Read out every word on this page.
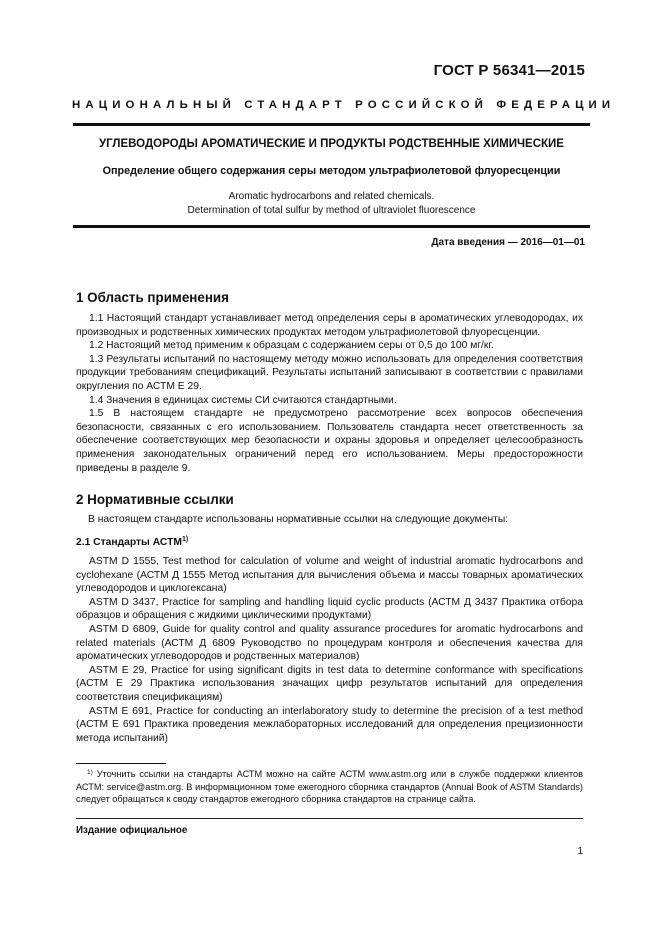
ГОСТ Р 56341—2015
НАЦИОНАЛЬНЫЙ СТАНДАРТ РОССИЙСКОЙ ФЕДЕРАЦИИ
УГЛЕВОДОРОДЫ АРОМАТИЧЕСКИЕ И ПРОДУКТЫ РОДСТВЕННЫЕ ХИМИЧЕСКИЕ
Определение общего содержания серы методом ультрафиолетовой флуоресценции
Aromatic hydrocarbons and related chemicals.
Determination of total sulfur by method of ultraviolet fluorescence
Дата введения — 2016—01—01
1 Область применения

1.1 Настоящий стандарт устанавливает метод определения серы в ароматических углеводородах, их производных и родственных химических продуктах методом ультрафиолетовой флуоресценции.

1.2 Настоящий метод применим к образцам с содержанием серы от 0,5 до 100 мг/кг.

1.3 Результаты испытаний по настоящему методу можно использовать для определения соответствия продукции требованиям спецификаций. Результаты испытаний записывают в соответствии с правилами округления по АСТМ Е 29.

1.4 Значения в единицах системы СИ считаются стандартными.

1.5 В настоящем стандарте не предусмотрено рассмотрение всех вопросов обеспечения безопасности, связанных с его использованием. Пользователь стандарта несет ответственность за обеспечение соответствующих мер безопасности и охраны здоровья и определяет целесообразность применения законодательных ограничений перед его использованием. Меры предосторожности приведены в разделе 9.

2 Нормативные ссылки
В настоящем стандарте использованы нормативные ссылки на следующие документы:
2.1 Стандарты АСТМ$^{1)}$

ASTM D 1555, Test method for calculation of volume and weight of industrial aromatic hydrocarbons and cyclohexane (АСТМ Д 1555 Метод испытания для вычисления объема и массы товарных ароматических углеводородов и циклогексана)

ASTM D 3437, Practice for sampling and handling liquid cyclic products (АСТМ Д 3437 Практика отбора образцов и обращения с жидкими циклическими продуктами)

ASTM D 6809, Guide for quality control and quality assurance procedures for aromatic hydrocarbons and related materials (АСТМ Д 6809 Руководство по процедурам контроля и обеспечения качества для ароматических углеводородов и родственных материалов)

ASTM E 29, Practice for using significant digits in test data to determine conformance with specifications (АСТМ Е 29 Практика использования значащих цифр результатов испытаний для определения соответствия спецификациям)

ASTM E 691, Practice for conducting an interlaboratory study to determine the precision of a test method (АСТМ Е 691 Практика проведения межлабораторных исследований для определения прецизионности метода испытаний)

$^{1)}$ Уточнить ссылки на стандарты АСТМ можно на сайте АСТМ www.astm.org или в службе поддержки клиентов АСТМ: service@astm.org. В информационном томе ежегодного сборника стандартов (Annual Book of ASTM Standards) следует обращаться к своду стандартов ежегодного сборника стандартов на странице сайта.

Издание официальное
1
